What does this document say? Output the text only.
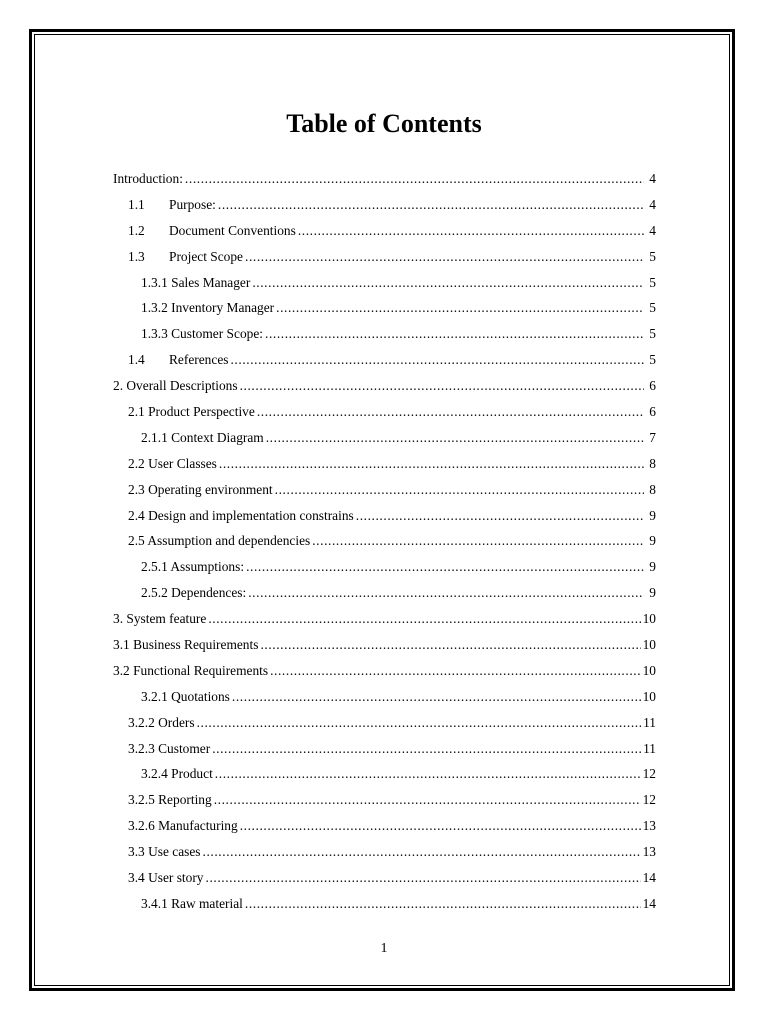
Table of Contents
Introduction: .....	4
1.1	Purpose: .....	4
1.2	Document Conventions .....	4
1.3	Project Scope .....	5
1.3.1 Sales Manager .....	5
1.3.2 Inventory Manager .....	5
1.3.3 Customer Scope: .....	5
1.4	References .....	5
2. Overall Descriptions .....	6
2.1 Product Perspective .....	6
2.1.1 Context Diagram .....	7
2.2 User Classes .....	8
2.3 Operating environment .....	8
2.4 Design and implementation constrains .....	9
2.5 Assumption and dependencies .....	9
2.5.1 Assumptions: .....	9
2.5.2 Dependences: .....	9
3. System feature .....	10
3.1 Business Requirements .....	10
3.2 Functional Requirements .....	10
3.2.1 Quotations .....	10
3.2.2 Orders .....	11
3.2.3 Customer .....	11
3.2.4 Product .....	12
3.2.5 Reporting .....	12
3.2.6 Manufacturing .....	13
3.3 Use cases .....	13
3.4 User story .....	14
3.4.1 Raw material .....	14
1
